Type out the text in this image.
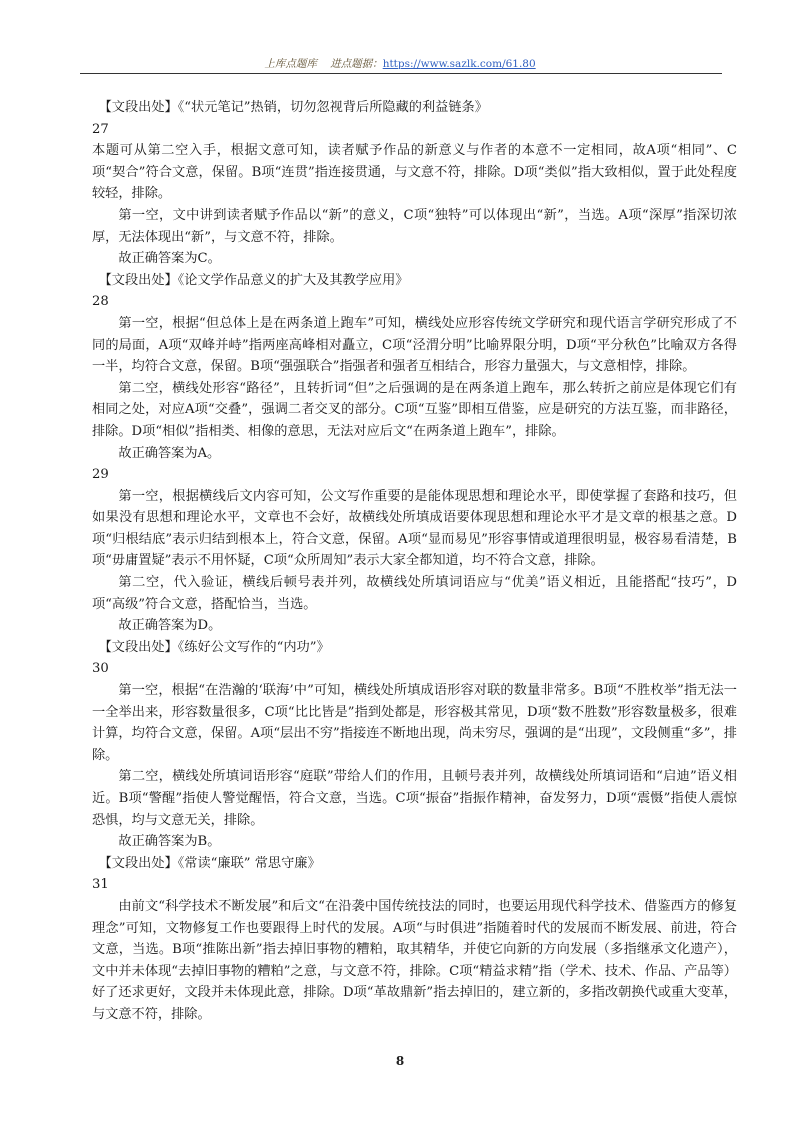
上库点题库 进点题据：https://www.sazlk.com/61.80

【文段出处】《“状元笔记”热销，切勿忽视背后所隐藏的利益链条》

27

本题可从第二空入手，根据文意可知，读者赋予作品的新意义与作者的本意不一定相同，故A项“相同”、C项“契合”符合文意，保留。B项“连贯”指连接贯通，与文意不符，排除。D项“类似”指大致相似，置于此处程度较轻，排除。

第一空，文中讲到读者赋予作品以“新”的意义，C项“独特”可以体现出“新”，当选。A项“深厚”指深切浓厚，无法体现出“新”，与文意不符，排除。

故正确答案为C。

【文段出处】《论文学作品意义的扩大及其教学应用》

28

第一空，根据“但总体上是在两条道上跑车”可知，横线处应形容传统文学研究和现代语言学研究形成了不同的局面，A项“双峰并峙”指两座高峰相对矗立，C项“泾渭分明”比喻界限分明，D项“平分秋色”比喻双方各得一半，均符合文意，保留。B项“强强联合”指强者和强者互相结合，形容力量强大，与文意相悖，排除。

第二空，横线处形容“路径”，且转折词“但”之后强调的是在两条道上跑车，那么转折之前应是体现它们有相同之处，对应A项“交叠”，强调二者交叉的部分。C项“互鉴”即相互借鉴，应是研究的方法互鉴，而非路径，排除。D项“相似”指相类、相像的意思，无法对应后文“在两条道上跑车”，排除。

故正确答案为A。

29

第一空，根据横线后文内容可知，公文写作重要的是能体现思想和理论水平，即使掌握了套路和技巧，但如果没有思想和理论水平，文章也不会好，故横线处所填成语要体现思想和理论水平才是文章的根基之意。D项“归根结底”表示归结到根本上，符合文意，保留。A项“显而易见”形容事情或道理很明显，极容易看清楚，B项“毋庸置疑”表示不用怀疑，C项“众所周知”表示大家全都知道，均不符合文意，排除。

第二空，代入验证，横线后顿号表并列，故横线处所填词语应与“优美”语义相近，且能搭配“技巧”，D项“高级”符合文意，搭配恰当，当选。

故正确答案为D。

【文段出处】《练好公文写作的“内功”》

30

第一空，根据“在浩瀚的‘联海’中”可知，横线处所填成语形容对联的数量非常多。B项“不胜枚举”指无法一一全举出来，形容数量很多，C项“比比皆是”指到处都是，形容极其常见，D项“数不胜数”形容数量极多，很难计算，均符合文意，保留。A项“层出不穷”指接连不断地出现，尚未穷尽，强调的是“出现”，文段侧重“多”，排除。

第二空，横线处所填词语形容“庭联”带给人们的作用，且顿号表并列，故横线处所填词语和“启迪”语义相近。B项“警醒”指使人警觉醒悟，符合文意，当选。C项“振奋”指振作精神，奋发努力，D项“震慑”指使人震惊恐惧，均与文意无关，排除。

故正确答案为B。

【文段出处】《常读“廉联” 常思守廉》

31

由前文“科学技术不断发展”和后文“在沿袭中国传统技法的同时，也要运用现代科学技术、借鉴西方的修复理念”可知，文物修复工作也要跟得上时代的发展。A项“与时俱进”指随着时代的发展而不断发展、前进，符合文意，当选。B项“推陈出新”指去掉旧事物的糟粕，取其精华，并使它向新的方向发展（多指继承文化遗产），文中并未体现“去掉旧事物的糟粕”之意，与文意不符，排除。C项“精益求精”指（学术、技术、作品、产品等）好了还求更好，文段并未体现此意，排除。D项“革故鼎新”指去掉旧的，建立新的，多指改朝换代或重大变革，与文意不符，排除。

8
